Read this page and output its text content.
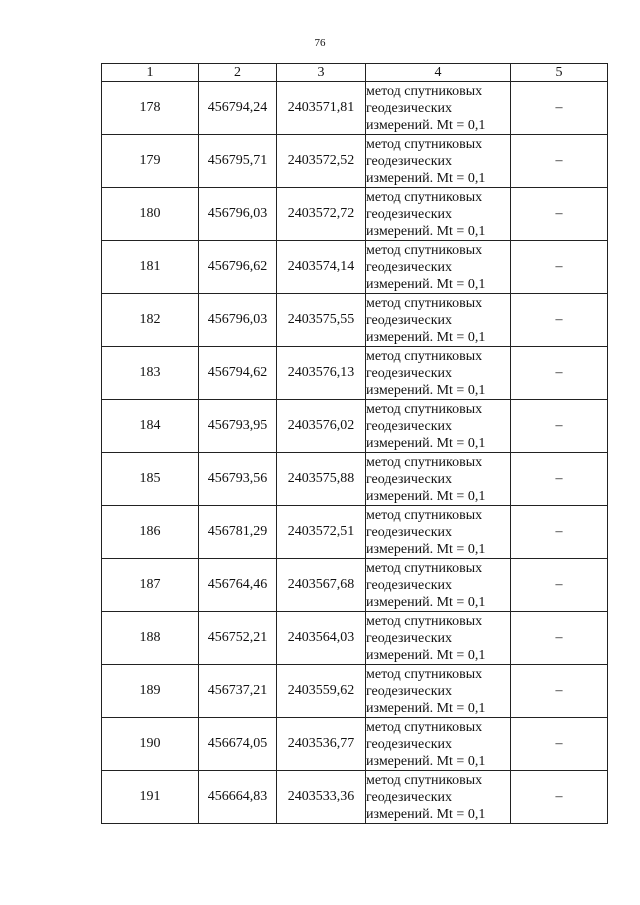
76
1	2	3	4	5
178	456794,24	2403571,81	метод спутниковых
геодезических
измерений. Mt = 0,1	–
179	456795,71	2403572,52	метод спутниковых
геодезических
измерений. Mt = 0,1	–
180	456796,03	2403572,72	метод спутниковых
геодезических
измерений. Mt = 0,1	–
181	456796,62	2403574,14	метод спутниковых
геодезических
измерений. Mt = 0,1	–
182	456796,03	2403575,55	метод спутниковых
геодезических
измерений. Mt = 0,1	–
183	456794,62	2403576,13	метод спутниковых
геодезических
измерений. Mt = 0,1	–
184	456793,95	2403576,02	метод спутниковых
геодезических
измерений. Mt = 0,1	–
185	456793,56	2403575,88	метод спутниковых
геодезических
измерений. Mt = 0,1	–
186	456781,29	2403572,51	метод спутниковых
геодезических
измерений. Mt = 0,1	–
187	456764,46	2403567,68	метод спутниковых
геодезических
измерений. Mt = 0,1	–
188	456752,21	2403564,03	метод спутниковых
геодезических
измерений. Mt = 0,1	–
189	456737,21	2403559,62	метод спутниковых
геодезических
измерений. Mt = 0,1	–
190	456674,05	2403536,77	метод спутниковых
геодезических
измерений. Mt = 0,1	–
191	456664,83	2403533,36	метод спутниковых
геодезических
измерений. Mt = 0,1	–
